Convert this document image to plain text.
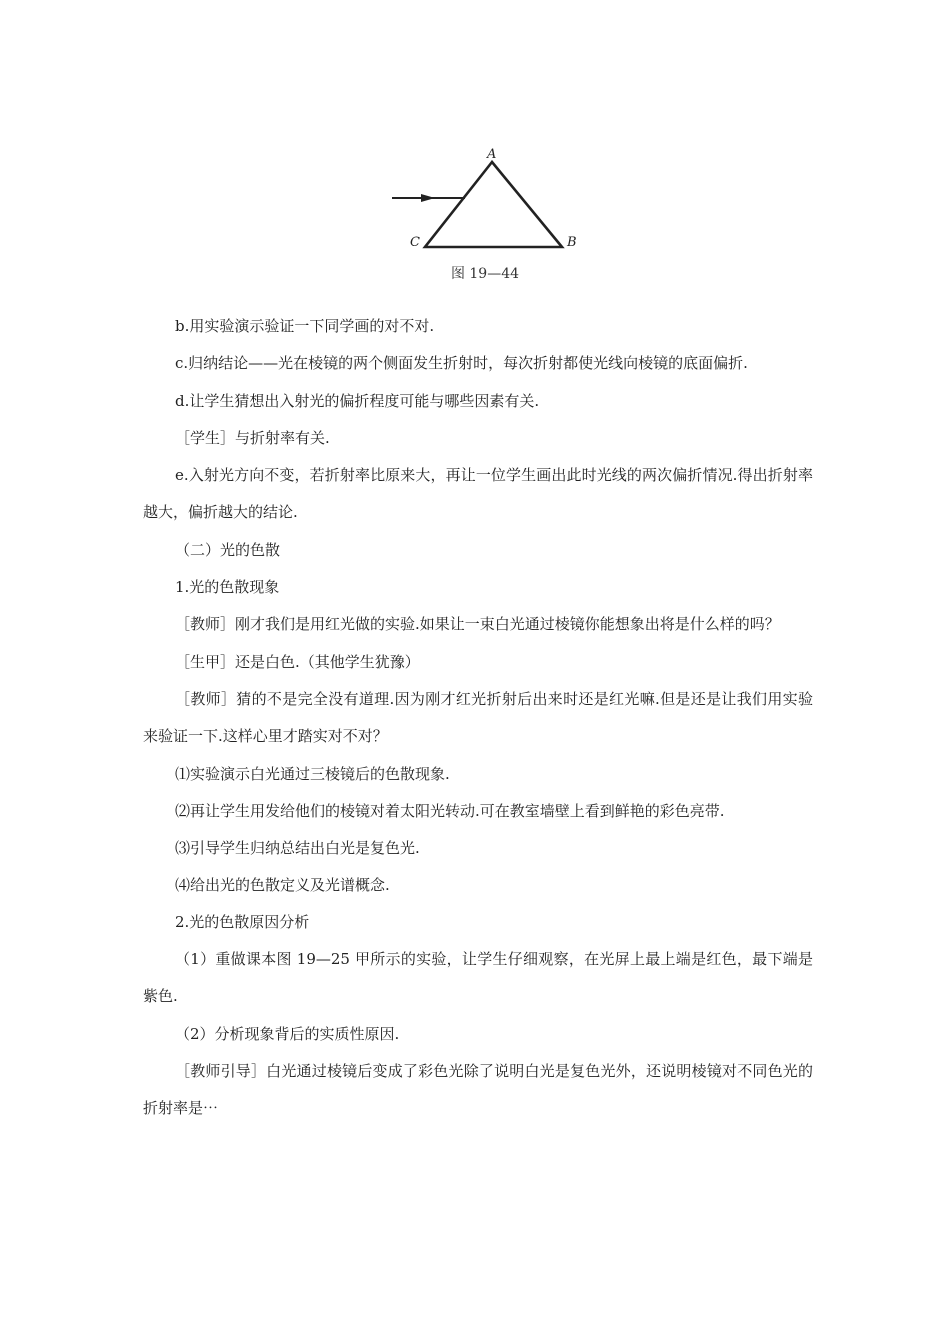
A
B
C
图 19—44

b.用实验演示验证一下同学画的对不对.

c.归纳结论——光在棱镜的两个侧面发生折射时，每次折射都使光线向棱镜的底面偏折.

d.让学生猜想出入射光的偏折程度可能与哪些因素有关.

［学生］与折射率有关.

e.入射光方向不变，若折射率比原来大，再让一位学生画出此时光线的两次偏折情况.得出折射率越大，偏折越大的结论.

（二）光的色散

1.光的色散现象

［教师］刚才我们是用红光做的实验.如果让一束白光通过棱镜你能想象出将是什么样的吗？

［生甲］还是白色.（其他学生犹豫）

［教师］猜的不是完全没有道理.因为刚才红光折射后出来时还是红光嘛.但是还是让我们用实验来验证一下.这样心里才踏实对不对？

⑴实验演示白光通过三棱镜后的色散现象.

⑵再让学生用发给他们的棱镜对着太阳光转动.可在教室墙壁上看到鲜艳的彩色亮带.

⑶引导学生归纳总结出白光是复色光.

⑷给出光的色散定义及光谱概念.

2.光的色散原因分析

（1）重做课本图 19—25 甲所示的实验，让学生仔细观察，在光屏上最上端是红色，最下端是紫色.

（2）分析现象背后的实质性原因.

［教师引导］白光通过棱镜后变成了彩色光除了说明白光是复色光外，还说明棱镜对不同色光的折射率是⋯
